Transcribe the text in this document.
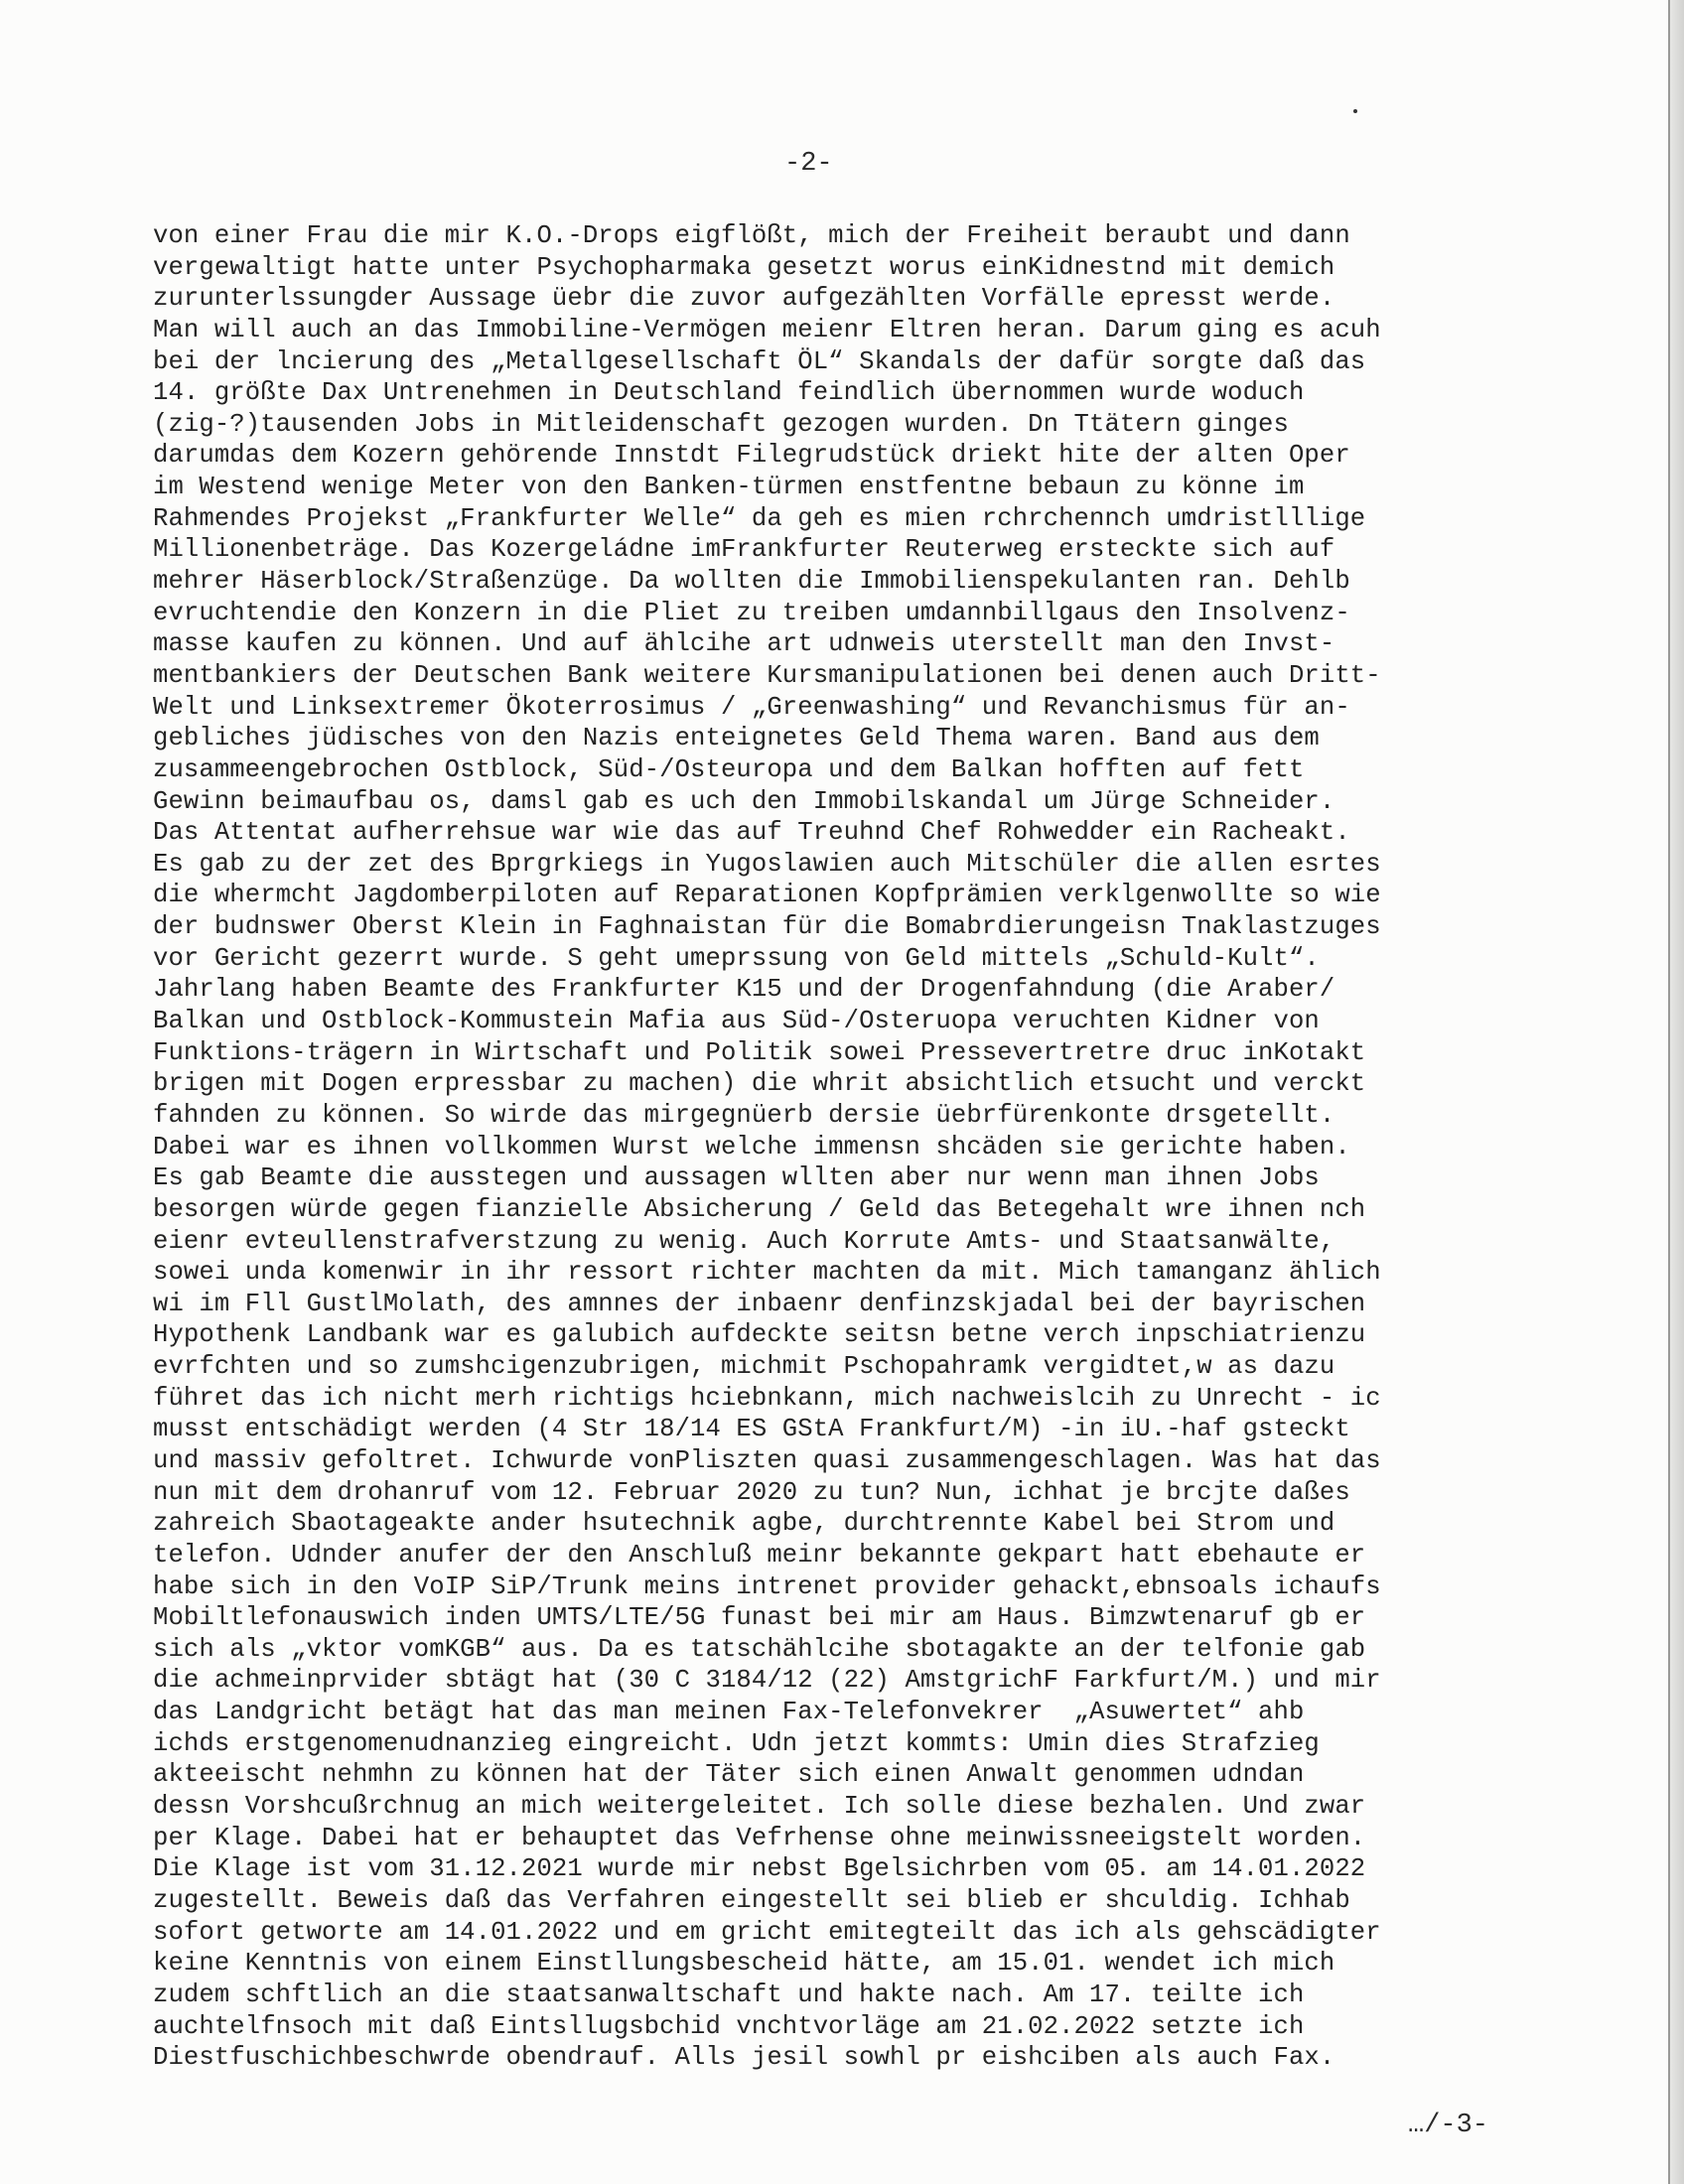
-2-
von einer Frau die mir K.O.-Drops eigflößt, mich der Freiheit beraubt und dann
vergewaltigt hatte unter Psychopharmaka gesetzt worus einKidnestnd mit demich
zurunterlssungder Aussage üebr die zuvor aufgezählten Vorfälle epresst werde.
Man will auch an das Immobiline-Vermögen meienr Eltren heran. Darum ging es acuh
bei der lncierung des „Metallgesellschaft ÖL“ Skandals der dafür sorgte daß das
14. größte Dax Untrenehmen in Deutschland feindlich übernommen wurde woduch
(zig-?)tausenden Jobs in Mitleidenschaft gezogen wurden. Dn Ttätern ginges
darumdas dem Kozern gehörende Innstdt Filegrudstück driekt hite der alten Oper
im Westend wenige Meter von den Banken-türmen enstfentne bebaun zu könne im
Rahmendes Projekst „Frankfurter Welle“ da geh es mien rchrchennch umdristlllige
Millionenbeträge. Das Kozergeládne imFrankfurter Reuterweg ersteckte sich auf
mehrer Häserblock/Straßenzüge. Da wollten die Immobilienspekulanten ran. Dehlb
evruchtendie den Konzern in die Pliet zu treiben umdannbillgaus den Insolvenz-
masse kaufen zu können. Und auf ählcihe art udnweis uterstellt man den Invst-
mentbankiers der Deutschen Bank weitere Kursmanipulationen bei denen auch Dritt-
Welt und Linksextremer Ökoterrosimus / „Greenwashing“ und Revanchismus für an-
gebliches jüdisches von den Nazis enteignetes Geld Thema waren. Band aus dem
zusammeengebrochen Ostblock, Süd-/Osteuropa und dem Balkan hofften auf fett
Gewinn beimaufbau os, damsl gab es uch den Immobilskandal um Jürge Schneider.
Das Attentat aufherrehsue war wie das auf Treuhnd Chef Rohwedder ein Racheakt.
Es gab zu der zet des Bprgrkiegs in Yugoslawien auch Mitschüler die allen esrtes
die whermcht Jagdomberpiloten auf Reparationen Kopfprämien verklgenwollte so wie
der budnswer Oberst Klein in Faghnaistan für die Bomabrdierungeisn Tnaklastzuges
vor Gericht gezerrt wurde. S geht umeprssung von Geld mittels „Schuld-Kult“.
Jahrlang haben Beamte des Frankfurter K15 und der Drogenfahndung (die Araber/
Balkan und Ostblock-Kommustein Mafia aus Süd-/Osteruopa veruchten Kidner von
Funktions-trägern in Wirtschaft und Politik sowei Pressevertretre druc inKotakt
brigen mit Dogen erpressbar zu machen) die whrit absichtlich etsucht und verckt
fahnden zu können. So wirde das mirgegnüerb dersie üebrfürenkonte drsgetellt.
Dabei war es ihnen vollkommen Wurst welche immensn shcäden sie gerichte haben.
Es gab Beamte die ausstegen und aussagen wllten aber nur wenn man ihnen Jobs
besorgen würde gegen fianzielle Absicherung / Geld das Betegehalt wre ihnen nch
eienr evteullenstrafverstzung zu wenig. Auch Korrute Amts- und Staatsanwälte,
sowei unda komenwir in ihr ressort richter machten da mit. Mich tamanganz ählich
wi im Fll GustlMolath, des amnnes der inbaenr denfinzskjadal bei der bayrischen
Hypothenk Landbank war es galubich aufdeckte seitsn betne verch inpschiatrienzu
evrfchten und so zumshcigenzubrigen, michmit Pschopahramk vergidtet,w as dazu
führet das ich nicht merh richtigs hciebnkann, mich nachweislcih zu Unrecht - ic
musst entschädigt werden (4 Str 18/14 ES GStA Frankfurt/M) -in iU.-haf gsteckt
und massiv gefoltret. Ichwurde vonPliszten quasi zusammengeschlagen. Was hat das
nun mit dem drohanruf vom 12. Februar 2020 zu tun? Nun, ichhat je brcjte daßes
zahreich Sbaotageakte ander hsutechnik agbe, durchtrennte Kabel bei Strom und
telefon. Udnder anufer der den Anschluß meinr bekannte gekpart hatt ebehaute er
habe sich in den VoIP SiP/Trunk meins intrenet provider gehackt,ebnsoals ichaufs
Mobiltlefonauswich inden UMTS/LTE/5G funast bei mir am Haus. Bimzwtenaruf gb er
sich als „vktor vomKGB“ aus. Da es tatschählcihe sbotagakte an der telfonie gab
die achmeinprvider sbtägt hat (30 C 3184/12 (22) AmstgrichF Farkfurt/M.) und mir
das Landgricht betägt hat das man meinen Fax-Telefonvekrer  „Asuwertet“ ahb
ichds erstgenomenudnanzieg eingreicht. Udn jetzt kommts: Umin dies Strafzieg
akteeischt nehmhn zu können hat der Täter sich einen Anwalt genommen udndan
dessn Vorshcußrchnug an mich weitergeleitet. Ich solle diese bezhalen. Und zwar
per Klage. Dabei hat er behauptet das Vefrhense ohne meinwissneeigstelt worden.
Die Klage ist vom 31.12.2021 wurde mir nebst Bgelsichrben vom 05. am 14.01.2022
zugestellt. Beweis daß das Verfahren eingestellt sei blieb er shculdig. Ichhab
sofort getworte am 14.01.2022 und em gricht emitegteilt das ich als gehscädigter
keine Kenntnis von einem Einstllungsbescheid hätte, am 15.01. wendet ich mich
zudem schftlich an die staatsanwaltschaft und hakte nach. Am 17. teilte ich
auchtelfnsoch mit daß Eintsllugsbchid vnchtvorläge am 21.02.2022 setzte ich
Diestfuschichbeschwrde obendrauf. Alls jesil sowhl pr eishciben als auch Fax.
…/-3-
